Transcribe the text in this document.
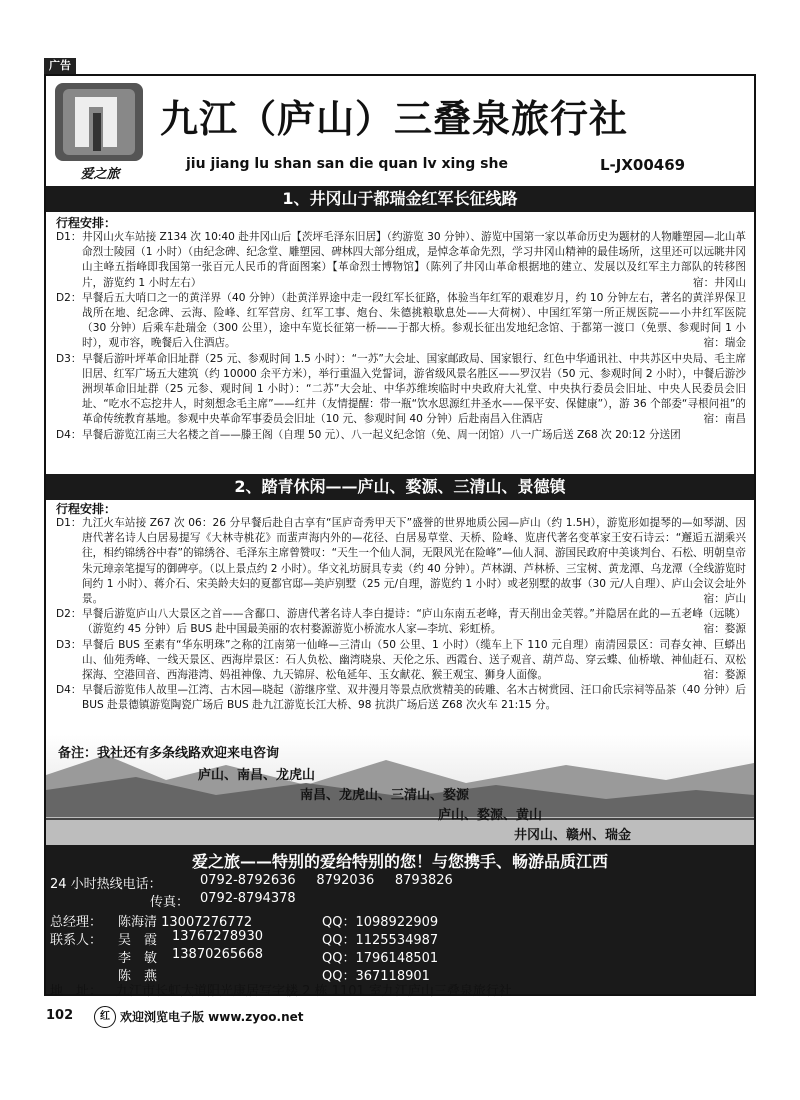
广告
爱之旅
九江（庐山）三叠泉旅行社
jiu jiang lu shan san die quan lv xing she	L-JX00469
1、井冈山于都瑞金红军长征线路
行程安排：
D1： 井冈山火车站接 Z134 次 10:40 赴井冈山后【茨坪毛泽东旧居】（约游览 30 分钟）、游览中国第一家以革命历史为题材的人物雕塑园—北山革命烈士陵园（1 小时）（由纪念碑、纪念堂、雕塑园、碑林四大部分组成，是悼念革命先烈，学习井冈山精神的最佳场所，这里还可以远眺井冈山主峰五指峰即我国第一张百元人民币的背面图案）【革命烈士博物馆】（陈列了井冈山革命根据地的建立、发展以及红军主力部队的转移图片，游览约 1 小时左右）	宿：井冈山
D2： 早餐后五大哨口之一的黄洋界（40 分钟）（赴黄洋界途中走一段红军长征路，体验当年红军的艰难岁月，约 10 分钟左右，著名的黄洋界保卫战所在地、纪念碑、云海、险峰、红军营房、红军工事、炮台、朱德挑粮歇息处——大荷树）、中国红军第一所正规医院——小井红军医院（30 分钟）后乘车赴瑞金（300 公里），途中车览长征第一桥——于都大桥。参观长征出发地纪念馆、于都第一渡口（免票、参观时间 1 小时），观市容，晚餐后入住酒店。	宿：瑞金
D3： 早餐后游叶坪革命旧址群（25 元、参观时间 1.5 小时）：“一苏”大会址、国家邮政局、国家银行、红色中华通讯社、中共苏区中央局、毛主席旧居、红军广场五大建筑（约 10000 余平方米），举行重温入党誓词，游省级风景名胜区——罗汉岩（50 元、参观时间 2 小时），中餐后游沙洲坝革命旧址群（25 元参、观时间 1 小时）：“二苏”大会址、中华苏维埃临时中央政府大礼堂、中央执行委员会旧址、中央人民委员会旧址、“吃水不忘挖井人，时刻想念毛主席”——红井（友情提醒：带一瓶“饮水思源红井圣水——保平安、保健康”），游 36 个部委“寻根问祖”的革命传统教育基地。参观中央革命军事委员会旧址（10 元、参观时间 40 分钟）后赴南昌入住酒店	宿：南昌
D4： 早餐后游览江南三大名楼之首——滕王阁（自理 50 元）、八一起义纪念馆（免、周一闭馆）八一广场后送 Z68 次 20:12 分送团
2、踏青休闲——庐山、婺源、三清山、景德镇
行程安排：
D1： 九江火车站接 Z67 次 06：26 分早餐后赴自古享有“匡庐奇秀甲天下”盛誉的世界地质公园—庐山（约 1.5H），游览形如提琴的—如琴湖、因唐代著名诗人白居易提写《大林寺桃花》而蜚声海内外的—花径、白居易草堂、天桥、险峰、览唐代著名变革家王安石诗云：“邂逅五湖乘兴往，相约锦绣谷中春”的锦绣谷、毛泽东主席曾赞叹：“天生一个仙人洞，无限风光在险峰”—仙人洞、游国民政府中美谈判台、石松、明朝皇帝朱元璋亲笔提写的御碑亭。（以上景点约 2 小时）。华文礼坊厨具专卖（约 40 分钟）。芦林湖、芦林桥、三宝树、黄龙潭、乌龙潭（全线游览时间约 1 小时）、蒋介石、宋美龄夫妇的夏都官邸—美庐别墅（25 元/自理，游览约 1 小时）或老别墅的故事（30 元/人自理）、庐山会议会址外景。	宿：庐山
D2： 早餐后游览庐山八大景区之首——含鄱口、游唐代著名诗人李白提诗：“庐山东南五老峰，青天削出金芙蓉。”并隐居在此的—五老峰（远眺）（游览约 45 分钟）后 BUS 赴中国最美丽的农村婺源游览小桥流水人家—李坑、彩虹桥。	宿：婺源
D3： 早餐后 BUS 至素有“华东明珠”之称的江南第一仙峰—三清山（50 公里、1 小时）（缆车上下 110 元自理）南清园景区：司春女神、巨蟒出山、仙苑秀峰、一线天景区、西海岸景区：石人负松、幽湾晓泉、天伦之乐、西霞台、送子观音、葫芦岛、穿云蝶、仙桥墩、神仙赶石、双松探海、空港回音、西海港湾、妈祖神像、九天锦屏、松龟延年、玉女献花、猴王观宝、狮身人面像。	宿：婺源
D4： 早餐后游览伟人故里—江湾、古木园—晓起（游继序堂、双井漫月等景点欣赏精美的砖雕、名木古树赏园、汪口俞氏宗祠等品茶（40 分钟）后 BUS 赴景德镇游览陶瓷广场后 BUS 赴九江游览长江大桥、98 抗洪广场后送 Z68 次火车 21:15 分。
备注：我社还有多条线路欢迎来电咨询
庐山、南昌、龙虎山
南昌、龙虎山、三清山、婺源
庐山、婺源、黄山
井冈山、赣州、瑞金
爱之旅——特别的爱给特别的您！与您携手、畅游品质江西
24 小时热线电话：	0792-8792636     8792036     8793826
传真： 0792-8794378
总经理： 陈海清 13007276772	QQ：1098922909
联系人： 吴　霞 13767278930	QQ：1125534987
李　敏 13870265668	QQ：1796148501
陈　燕	QQ：367118901
地　址： 九江市长虹大道阳光康居写字楼 2 栋 1101 室九江庐山三叠泉旅行社
102	红 欢迎浏览电子版 www.zyoo.net
